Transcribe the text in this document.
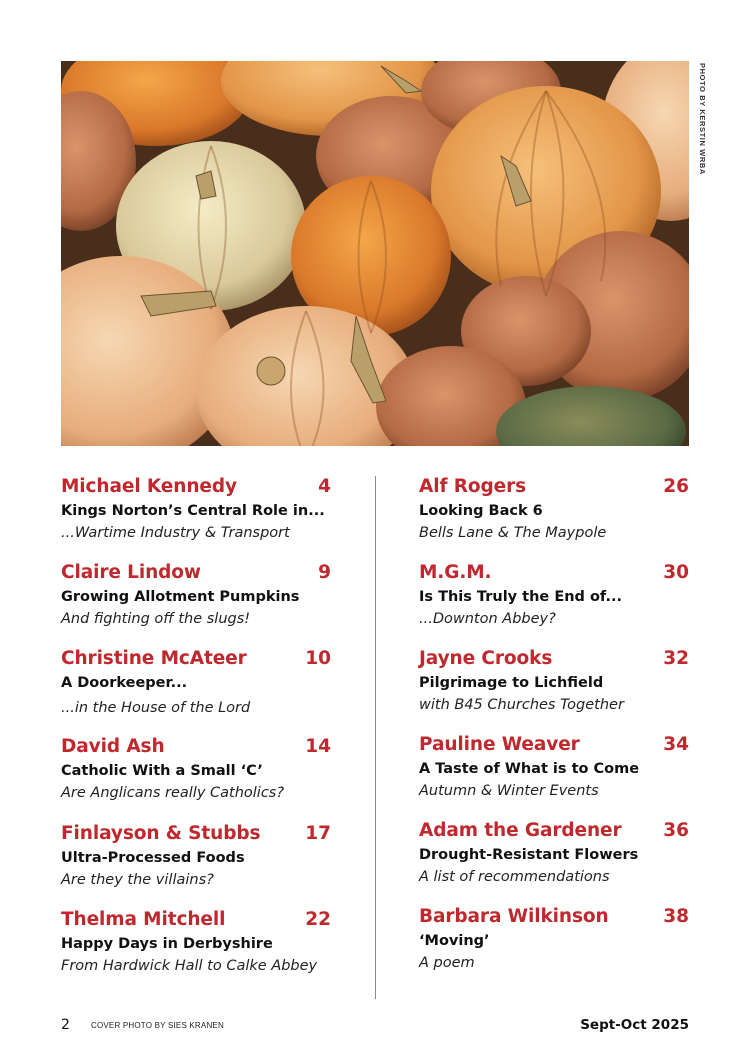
PHOTO BY KERSTIN WRBA
Michael Kennedy	4
Kings Norton’s Central Role in...
...Wartime Industry & Transport
Claire Lindow	9
Growing Allotment Pumpkins
And fighting off the slugs!
Christine McAteer	10
A Doorkeeper...
...in the House of the Lord
David Ash	14
Catholic With a Small ‘C’
Are Anglicans really Catholics?
Finlayson & Stubbs 17
Ultra-Processed Foods
Are they the villains?
Thelma Mitchell	22
Happy Days in Derbyshire
From Hardwick Hall to Calke Abbey
Alf Rogers	26
Looking Back 6
Bells Lane & The Maypole
M.G.M.	30
Is This Truly the End of...
...Downton Abbey?
Jayne Crooks	32
Pilgrimage to Lichfield
with B45 Churches Together
Pauline Weaver	34
A Taste of What is to Come
Autumn & Winter Events
Adam the Gardener 36
Drought-Resistant Flowers
A list of recommendations
Barbara Wilkinson	38
‘Moving’
A poem
2	COVER PHOTO BY SIES KRANEN	Sept-Oct 2025
